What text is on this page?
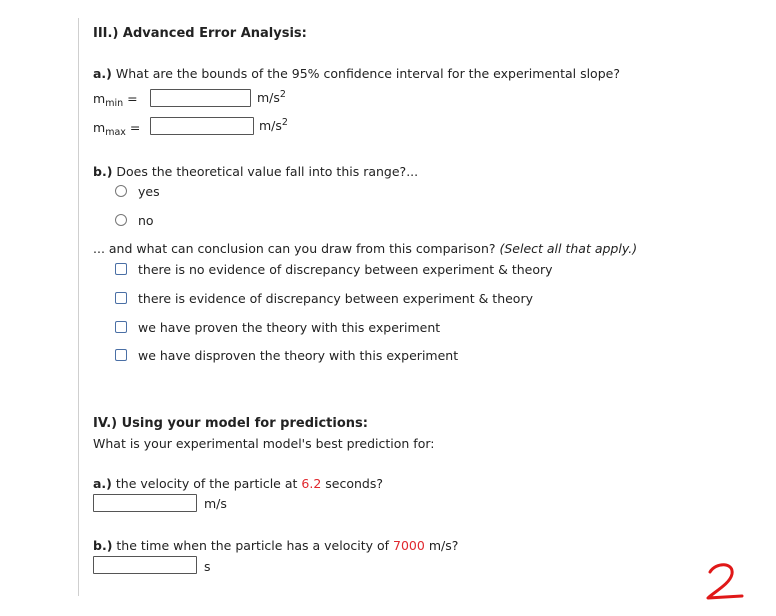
III.) Advanced Error Analysis:
a.) What are the bounds of the 95% confidence interval for the experimental slope?
$m_{min}$ =	$m/s^2$
$m_{max}$ =	$m/s^2$
b.) Does the theoretical value fall into this range?...
yes
no
... and what can conclusion can you draw from this comparison? (Select all that apply.)
there is no evidence of discrepancy between experiment & theory
there is evidence of discrepancy between experiment & theory
we have proven the theory with this experiment
we have disproven the theory with this experiment
IV.) Using your model for predictions:
What is your experimental model's best prediction for:
a.) the velocity of the particle at 6.2 seconds?
m/s
b.) the time when the particle has a velocity of 7000 m/s?
s
